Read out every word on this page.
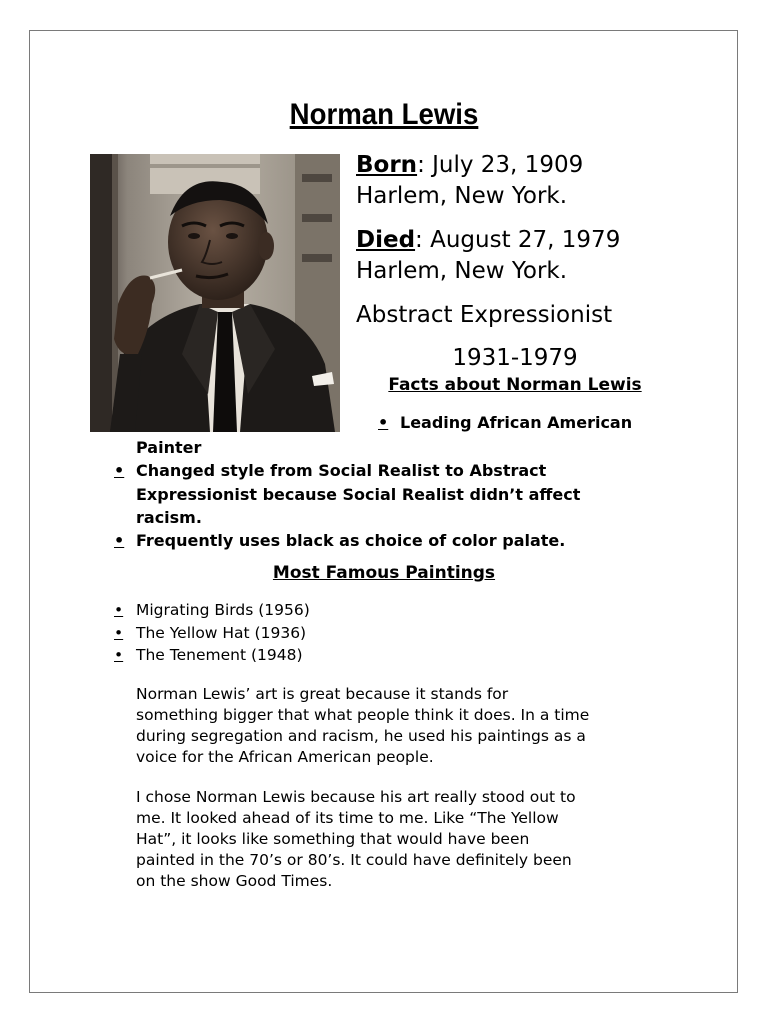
Norman Lewis
Born: July 23, 1909
Harlem, New York.
Died: August 27, 1979
Harlem, New York.
Abstract Expressionist
1931-1979
Facts about Norman Lewis
• Leading African American
Painter
• Changed style from Social Realist to Abstract
Expressionist because Social Realist didn’t affect
racism.
• Frequently uses black as choice of color palate.
Most Famous Paintings
• Migrating Birds (1956)
• The Yellow Hat (1936)
• The Tenement (1948)
Norman Lewis’ art is great because it stands for
something bigger that what people think it does. In a time
during segregation and racism, he used his paintings as a
voice for the African American people.
I chose Norman Lewis because his art really stood out to
me. It looked ahead of its time to me. Like “The Yellow
Hat”, it looks like something that would have been
painted in the 70’s or 80’s. It could have definitely been
on the show Good Times.
